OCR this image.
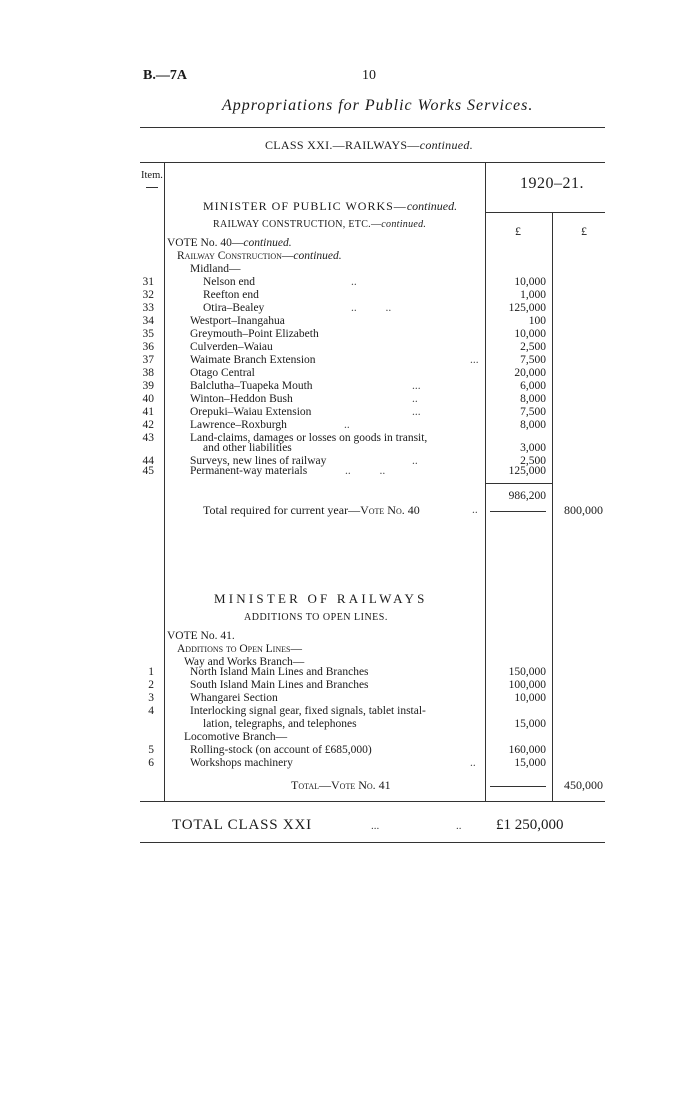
B.—7A	10
Appropriations for Public Works Services.
CLASS XXI.—RAILWAYS—continued.
Item.	1920–21.
£	£
MINISTER OF PUBLIC WORKS—continued.
RAILWAY CONSTRUCTION, ETC.—continued.
VOTE No. 40—continued.
Railway Construction—continued.
Midland—
31	Nelson end	..	10,000
32	Reefton end	1,000
33	Otira–Bealey	..          ..	125,000
34	Westport–Inangahua	100
35	Greymouth–Point Elizabeth	10,000
36	Culverden–Waiau	2,500
37	Waimate Branch Extension	...	7,500
38	Otago Central	20,000
39	Balclutha–Tuapeka Mouth	...	6,000
40	Winton–Heddon Bush	..	8,000
41	Orepuki–Waiau Extension	...	7,500
42	Lawrence–Roxburgh	..	8,000
43	Land-claims, damages or losses on goods in transit,
and other liabilities	3,000
44	Surveys, new lines of railway	..	2,500
45	Permanent-way materials	..          ..	125,000
986,200
Total required for current year—Vote No. 40	..	800,000
MINISTER OF RAILWAYS
ADDITIONS TO OPEN LINES.
VOTE No. 41.
Additions to Open Lines—
Way and Works Branch—
1	North Island Main Lines and Branches	150,000
2	South Island Main Lines and Branches	100,000
3	Whangarei Section	10,000
4	Interlocking signal gear, fixed signals, tablet instal-
lation, telegraphs, and telephones	15,000
Locomotive Branch—
5	Rolling-stock (on account of £685,000)	160,000
6	Workshops machinery	..	15,000
Total—Vote No. 41	450,000
TOTAL CLASS XXI	...	.. £1 250,000
